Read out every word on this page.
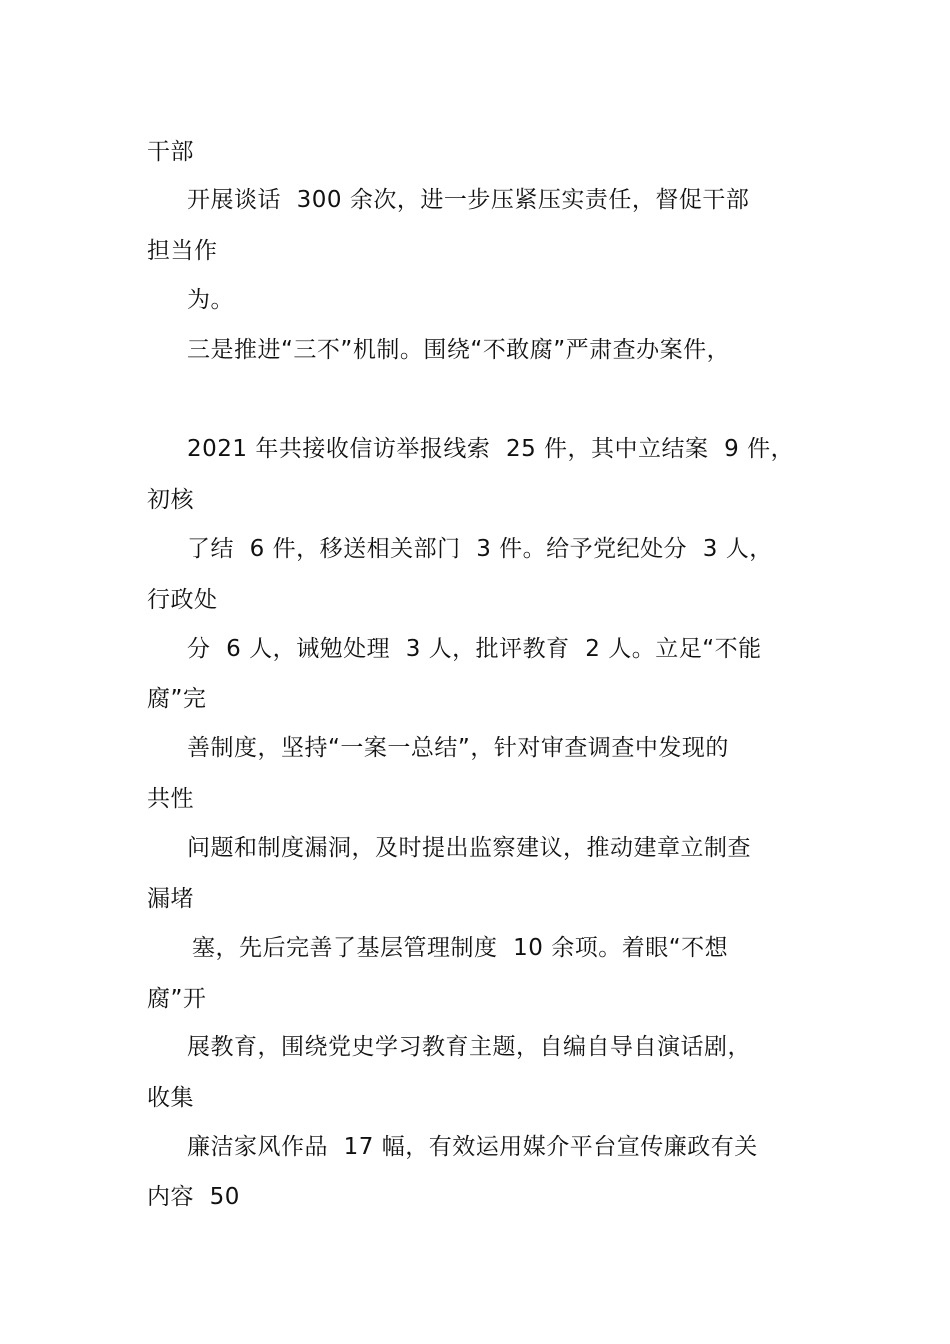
干部

开展谈话  300 余次，进一步压紧压实责任，督促干部

担当作

为。

三是推进“三不”机制。围绕“不敢腐”严肃查办案件，

2021 年共接收信访举报线索  25 件，其中立结案  9 件，

初核

了结  6 件，移送相关部门  3 件。给予党纪处分  3 人，

行政处

分  6 人，诫勉处理  3 人，批评教育  2 人。立足“不能

腐”完

善制度，坚持“一案一总结”，针对审查调查中发现的

共性

问题和制度漏洞，及时提出监察建议，推动建章立制查

漏堵

塞，先后完善了基层管理制度  10 余项。着眼“不想

腐”开

展教育，围绕党史学习教育主题，自编自导自演话剧，

收集

廉洁家风作品  17 幅，有效运用媒介平台宣传廉政有关

内容  50
